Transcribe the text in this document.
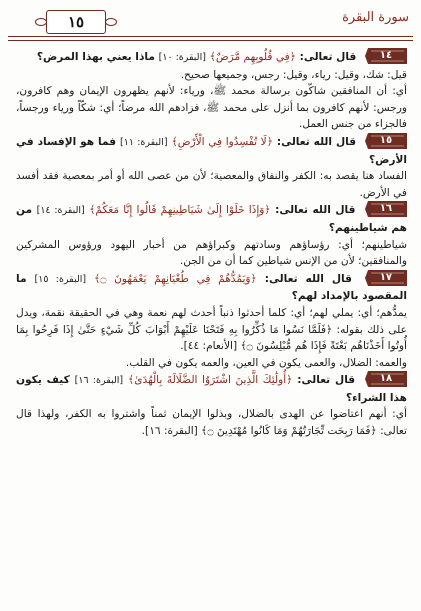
١٥	سورة البقرة

١٤
قال تعالى: ﴿فِي قُلُوبِهِم مَّرَضٌ﴾ [البقرة: ١٠] ماذا يعني بهذا المرض؟

قيل: شك، وقيل: رياء، وقيل: رجس، وجميعها صحيح.

أي: أن المنافقين شاكّون برسالة محمد ﷺ، ورياء: لأنهم يظهرون الإيمان وهم كافرون، ورجس: لأنهم كافرون بما أنزل على محمد ﷺ، فزادهم الله مرضاً؛ أي: شكّاً ورياء ورجساً، فالجزاء من جنس العمل.

١٥
قال الله تعالى: ﴿لَا تُفْسِدُوا فِي الْأَرْضِ﴾ [البقرة: ١١] فما هو الإفساد في الأرض؟

الفساد هنا يقصد به: الكفر والنفاق والمعصية؛ لأن من عصى الله أو أمر بمعصية فقد أفسد في الأرض.

١٦
قال الله تعالى: ﴿وَإِذَا خَلَوْا إِلَىٰ شَيَاطِينِهِمْ قَالُوا إِنَّا مَعَكُمْ﴾ [البقرة: ١٤] من هم شياطينهم؟

شياطينهم؛ أي: رؤساؤهم وسادتهم وكبراؤهم من أحبار اليهود ورؤوس المشركين والمنافقين؛ لأن من الإنس شياطين كما أن من الجن.

١٧
قال الله تعالى: ﴿وَيَمُدُّهُمْ فِي طُغْيَانِهِمْ يَعْمَهُونَ ۝﴾ [البقرة: ١٥] ما المقصود بالإمداد لهم؟

يمدُّهم؛ أي: يملي لهم؛ أي: كلما أحدثوا ذنباً أحدث لهم نعمة وهي في الحقيقة نقمة، ويدل على ذلك بقوله: ﴿فَلَمَّا نَسُوا مَا ذُكِّرُوا بِهِ فَتَحْنَا عَلَيْهِمْ أَبْوَابَ كُلِّ شَيْءٍ حَتَّىٰ إِذَا فَرِحُوا بِمَا أُوتُوا أَخَذْنَاهُم بَغْتَةً فَإِذَا هُم مُّبْلِسُونَ ۝﴾ [الأنعام: ٤٤].

والعمه: الضلال، والعمى يكون في العين، والعمه يكون في القلب.

١٨
قال تعالى: ﴿أُولَٰئِكَ الَّذِينَ اشْتَرَوُا الضَّلَالَةَ بِالْهُدَىٰ﴾ [البقرة: ١٦] كيف يكون هذا الشراء؟

أي: أنهم اعتاضوا عن الهدى بالضلال، وبذلوا الإيمان ثمناً واشتروا به الكفر، ولهذا قال تعالى: ﴿فَمَا رَبِحَت تِّجَارَتُهُمْ وَمَا كَانُوا مُهْتَدِينَ ۝﴾ [البقرة: ١٦].
